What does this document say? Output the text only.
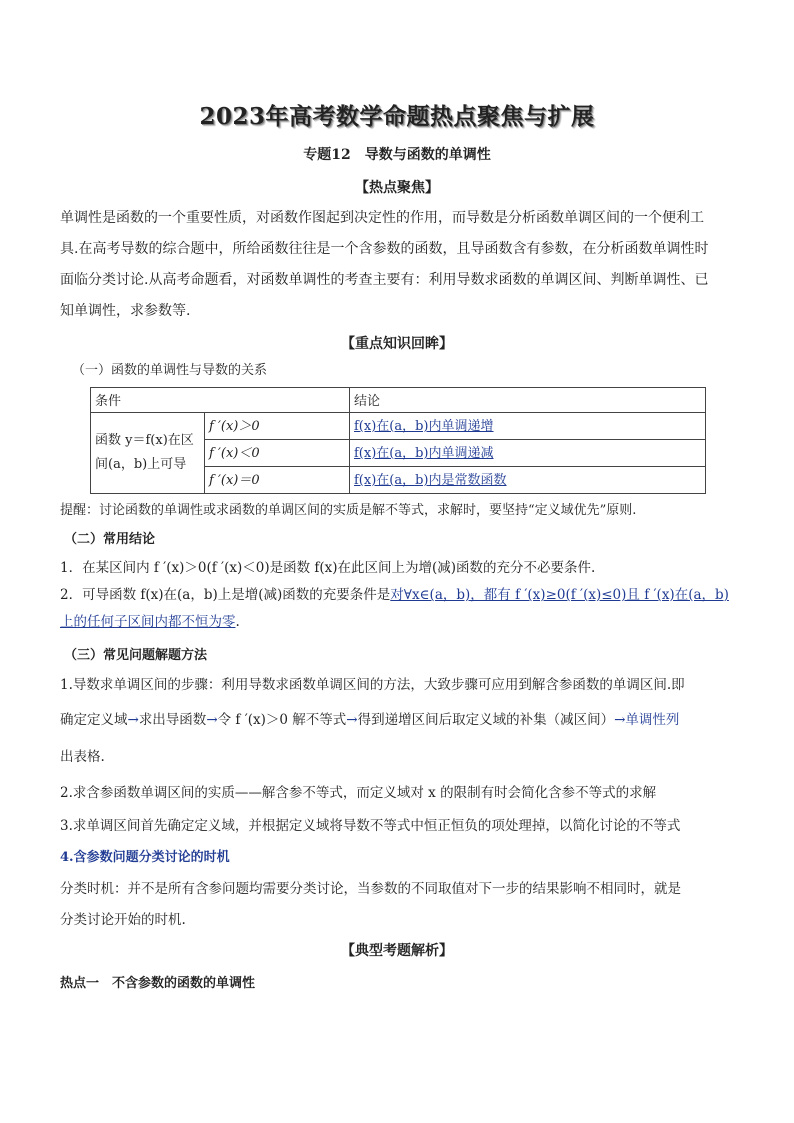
2023年高考数学命题热点聚焦与扩展
专题12　导数与函数的单调性
【热点聚焦】
单调性是函数的一个重要性质，对函数作图起到决定性的作用，而导数是分析函数单调区间的一个便利工
具.在高考导数的综合题中，所给函数往往是一个含参数的函数，且导函数含有参数，在分析函数单调性时
面临分类讨论.从高考命题看，对函数单调性的考查主要有：利用导数求函数的单调区间、判断单调性、已
知单调性，求参数等.
【重点知识回眸】
（一）函数的单调性与导数的关系
条件		结论

函数 y＝f(x)在区
间(a，b)上可导	f ′(x)＞0	f(x)在(a，b)内单调递增
	f ′(x)＜0	f(x)在(a，b)内单调递减
	f ′(x)＝0	f(x)在(a，b)内是常数函数
提醒：讨论函数的单调性或求函数的单调区间的实质是解不等式，求解时，要坚持“定义域优先”原则.
（二）常用结论
1．在某区间内 f ′(x)＞0(f ′(x)＜0)是函数 f(x)在此区间上为增(减)函数的充分不必要条件.
2．可导函数 f(x)在(a，b)上是增(减)函数的充要条件是对∀x∈(a，b)，都有 f ′(x)≥0(f ′(x)≤0)且 f ′(x)在(a，b)
上的任何子区间内都不恒为零.
（三）常见问题解题方法
1.导数求单调区间的步骤：利用导数求函数单调区间的方法，大致步骤可应用到解含参函数的单调区间.即
确定定义域→求出导函数→令 f ′(x)＞0 解不等式→得到递增区间后取定义域的补集（减区间）→单调性列
出表格.
2.求含参函数单调区间的实质——解含参不等式，而定义域对 x 的限制有时会简化含参不等式的求解
3.求单调区间首先确定定义域，并根据定义域将导数不等式中恒正恒负的项处理掉，以简化讨论的不等式
4.含参数问题分类讨论的时机
分类时机：并不是所有含参问题均需要分类讨论，当参数的不同取值对下一步的结果影响不相同时，就是
分类讨论开始的时机.
【典型考题解析】
热点一　不含参数的函数的单调性
